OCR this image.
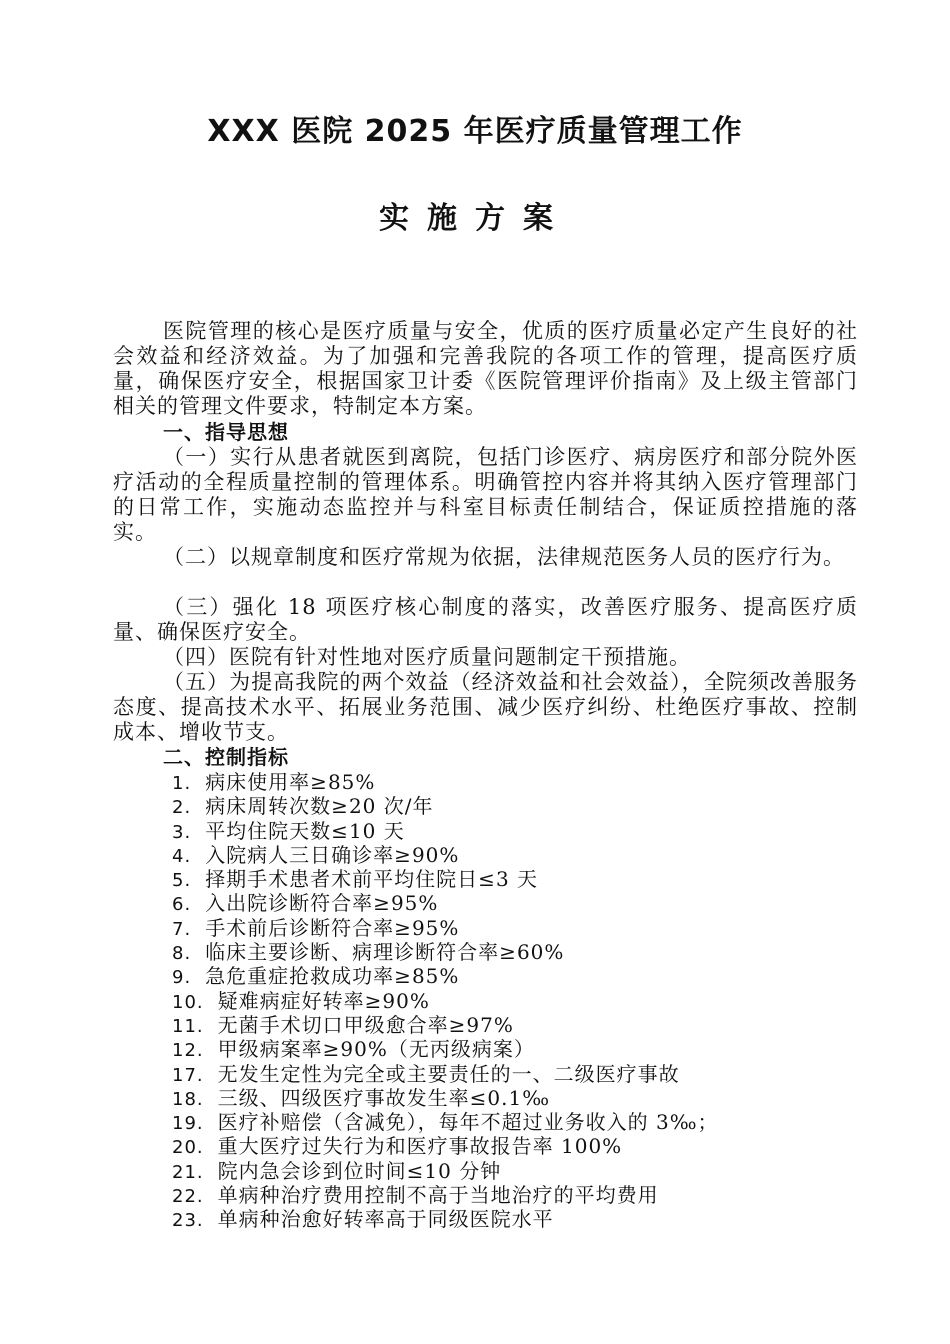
XXX 医院 2025 年医疗质量管理工作
实施方案

医院管理的核心是医疗质量与安全，优质的医疗质量必定产生良好的社会效益和经济效益。为了加强和完善我院的各项工作的管理，提高医疗质量，确保医疗安全，根据国家卫计委《医院管理评价指南》及上级主管部门相关的管理文件要求，特制定本方案。

一、指导思想

（一）实行从患者就医到离院，包括门诊医疗、病房医疗和部分院外医疗活动的全程质量控制的管理体系。明确管控内容并将其纳入医疗管理部门的日常工作，实施动态监控并与科室目标责任制结合，保证质控措施的落实。

（二）以规章制度和医疗常规为依据，法律规范医务人员的医疗行为。

（三）强化 18 项医疗核心制度的落实，改善医疗服务、提高医疗质量、确保医疗安全。

（四）医院有针对性地对医疗质量问题制定干预措施。

（五）为提高我院的两个效益（经济效益和社会效益），全院须改善服务态度、提高技术水平、拓展业务范围、减少医疗纠纷、杜绝医疗事故、控制成本、增收节支。

二、控制指标
1. 病床使用率≥85%
2. 病床周转次数≥20 次/年
3. 平均住院天数≤10 天
4. 入院病人三日确诊率≥90%
5. 择期手术患者术前平均住院日≤3 天
6. 入出院诊断符合率≥95%
7. 手术前后诊断符合率≥95%
8. 临床主要诊断、病理诊断符合率≥60%
9. 急危重症抢救成功率≥85%
10. 疑难病症好转率≥90%
11. 无菌手术切口甲级愈合率≥97%
12. 甲级病案率≥90%（无丙级病案）
17. 无发生定性为完全或主要责任的一、二级医疗事故
18. 三级、四级医疗事故发生率≤0.1‰
19. 医疗补赔偿（含减免），每年不超过业务收入的 3‰；
20. 重大医疗过失行为和医疗事故报告率 100%
21. 院内急会诊到位时间≤10 分钟
22. 单病种治疗费用控制不高于当地治疗的平均费用
23. 单病种治愈好转率高于同级医院水平
